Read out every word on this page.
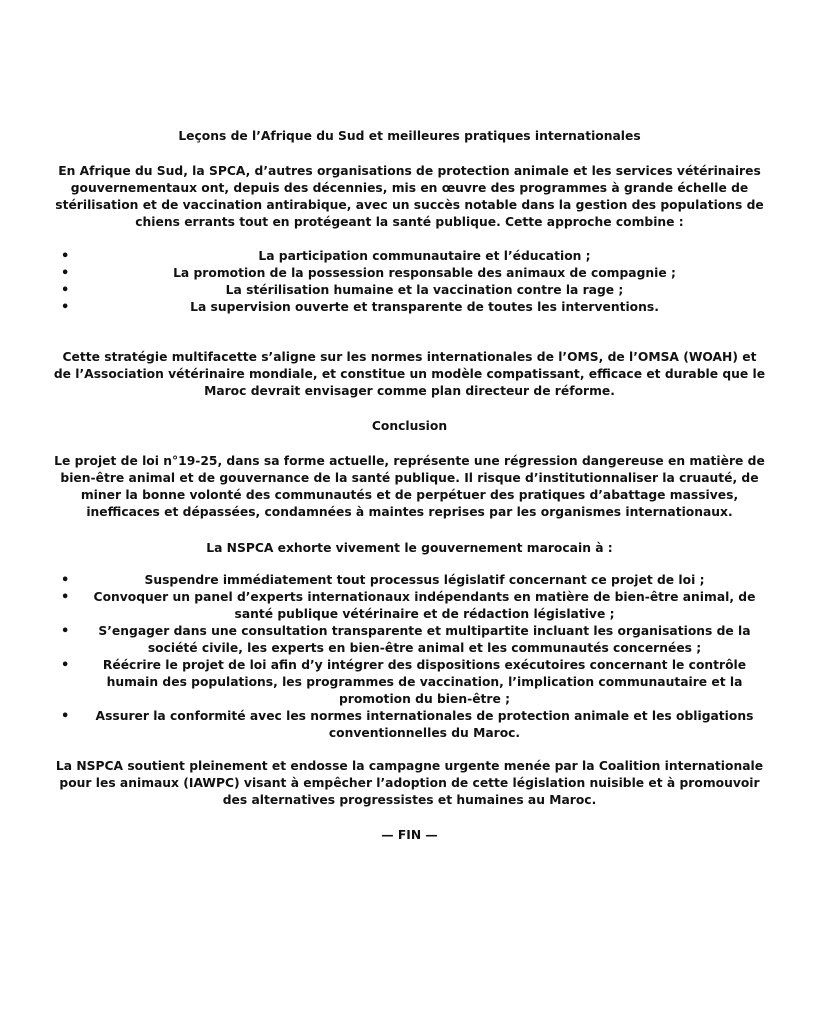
Leçons de l’Afrique du Sud et meilleures pratiques internationales
En Afrique du Sud, la SPCA, d’autres organisations de protection animale et les services vétérinaires gouvernementaux ont, depuis des décennies, mis en œuvre des programmes à grande échelle de stérilisation et de vaccination antirabique, avec un succès notable dans la gestion des populations de chiens errants tout en protégeant la santé publique. Cette approche combine :
•	La participation communautaire et l’éducation ;
•	La promotion de la possession responsable des animaux de compagnie ;
•	La stérilisation humaine et la vaccination contre la rage ;
•	La supervision ouverte et transparente de toutes les interventions.
Cette stratégie multifacette s’aligne sur les normes internationales de l’OMS, de l’OMSA (WOAH) et de l’Association vétérinaire mondiale, et constitue un modèle compatissant, efficace et durable que le Maroc devrait envisager comme plan directeur de réforme.
Conclusion
Le projet de loi n°19-25, dans sa forme actuelle, représente une régression dangereuse en matière de bien-être animal et de gouvernance de la santé publique. Il risque d’institutionnaliser la cruauté, de miner la bonne volonté des communautés et de perpétuer des pratiques d’abattage massives, inefficaces et dépassées, condamnées à maintes reprises par les organismes internationaux.
La NSPCA exhorte vivement le gouvernement marocain à :
•	Suspendre immédiatement tout processus législatif concernant ce projet de loi ;
•	Convoquer un panel d’experts internationaux indépendants en matière de bien-être animal, de santé publique vétérinaire et de rédaction législative ;
•	S’engager dans une consultation transparente et multipartite incluant les organisations de la société civile, les experts en bien-être animal et les communautés concernées ;
•	Réécrire le projet de loi afin d’y intégrer des dispositions exécutoires concernant le contrôle humain des populations, les programmes de vaccination, l’implication communautaire et la promotion du bien-être ;
•	Assurer la conformité avec les normes internationales de protection animale et les obligations conventionnelles du Maroc.
La NSPCA soutient pleinement et endosse la campagne urgente menée par la Coalition internationale pour les animaux (IAWPC) visant à empêcher l’adoption de cette législation nuisible et à promouvoir des alternatives progressistes et humaines au Maroc.
— FIN —
